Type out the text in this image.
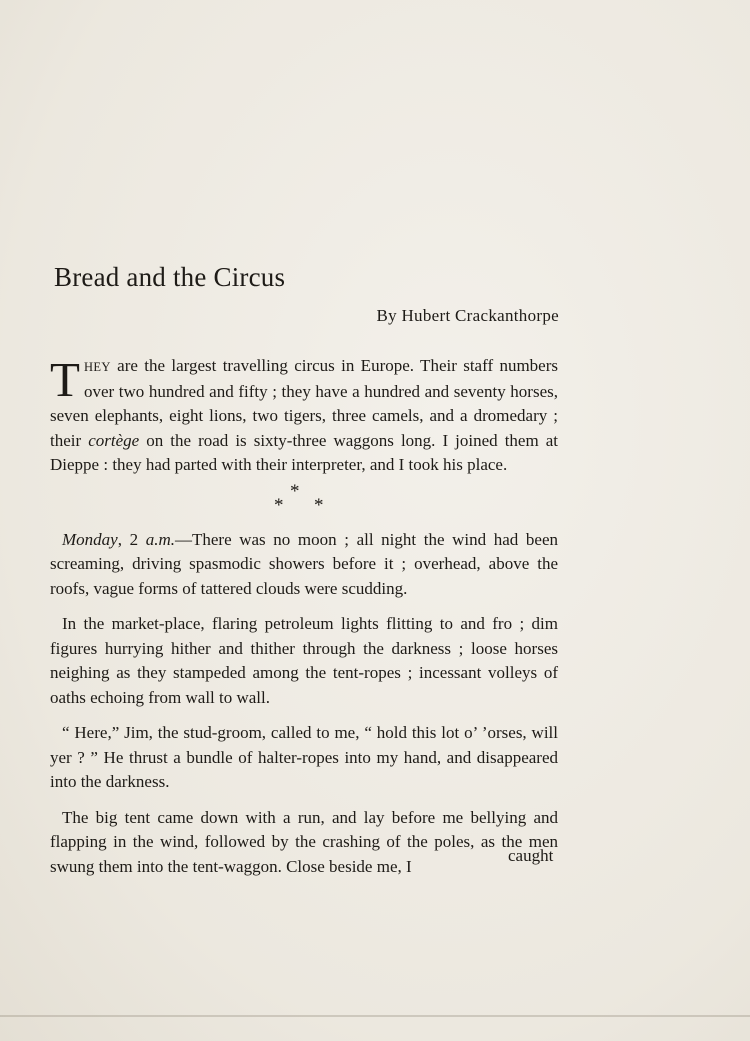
Bread and the Circus

By Hubert Crackanthorpe

THEY are the largest travelling circus in Europe. Their staff numbers over two hundred and fifty ; they have a hundred and seventy horses, seven elephants, eight lions, two tigers, three camels, and a dromedary ; their cortège on the road is sixty-three waggons long. I joined them at Dieppe : they had parted with their interpreter, and I took his place.

*
* *

Monday, 2 a.m.—There was no moon ; all night the wind had been screaming, driving spasmodic showers before it ; overhead, above the roofs, vague forms of tattered clouds were scudding.

In the market-place, flaring petroleum lights flitting to and fro ; dim figures hurrying hither and thither through the darkness ; loose horses neighing as they stampeded among the tent-ropes ; incessant volleys of oaths echoing from wall to wall.

“ Here,” Jim, the stud-groom, called to me, “ hold this lot o’ ’orses, will yer ? ” He thrust a bundle of halter-ropes into my hand, and disappeared into the darkness.

The big tent came down with a run, and lay before me bellying and flapping in the wind, followed by the crashing of the poles, as the men swung them into the tent-waggon. Close beside me, I

caught
